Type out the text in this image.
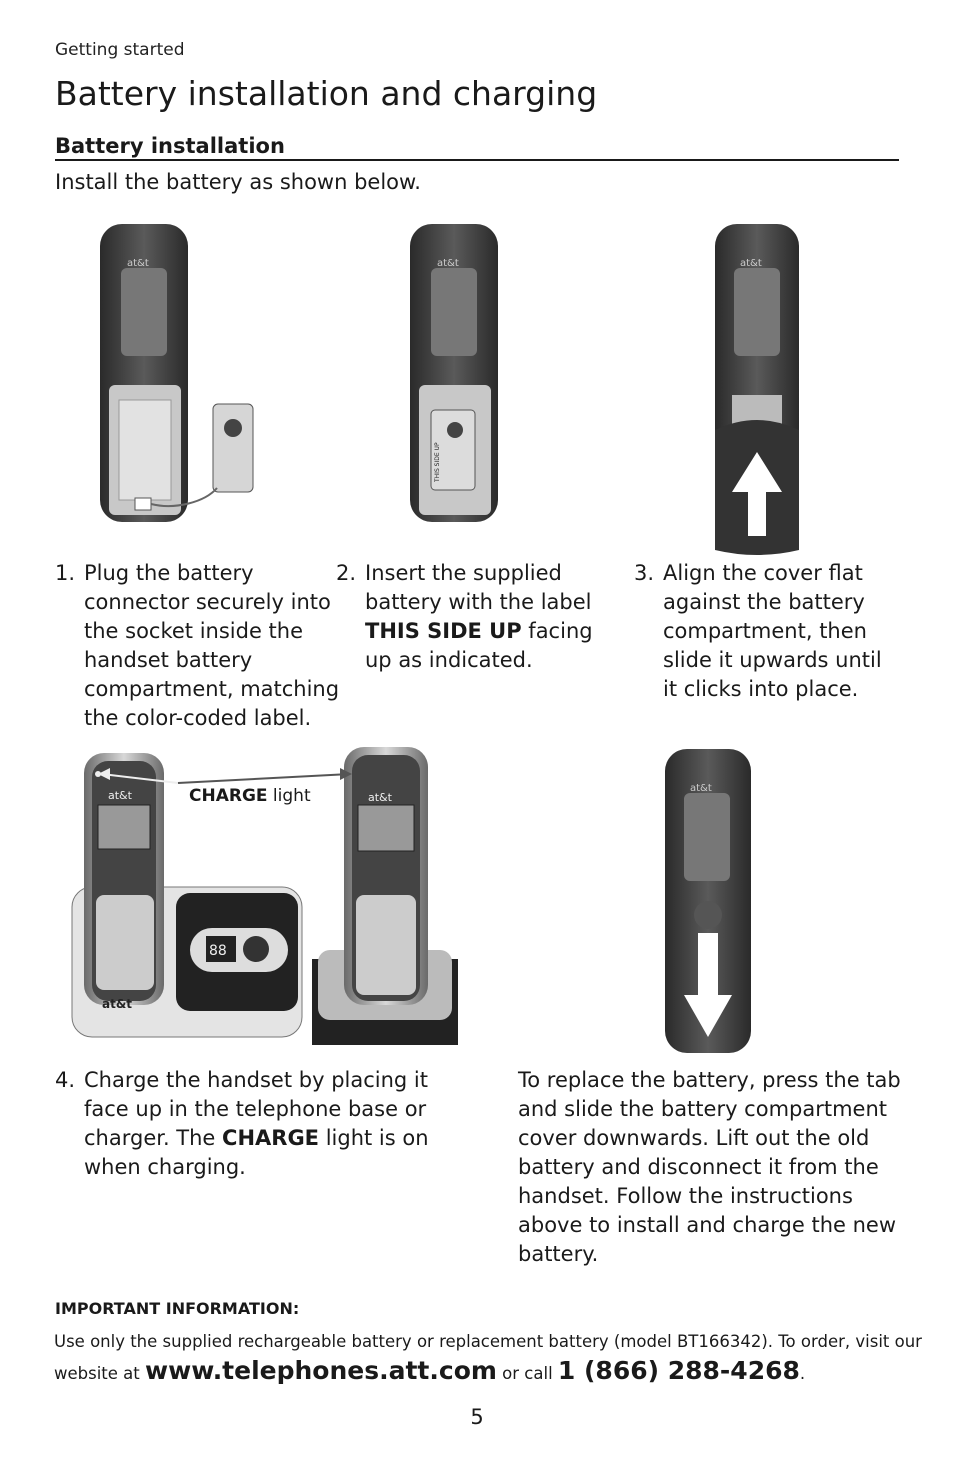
Getting started
Battery installation and charging
Battery installation
Install the battery as shown below.
at&t	at&t
THIS SIDE UP
at&t
1. Plug the battery connector securely into the socket inside the handset battery compartment, matching the color-coded label.
2. Insert the supplied battery with the label THIS SIDE UP facing up as indicated.
3. Align the cover flat against the battery compartment, then slide it upwards until it clicks into place.
88
at&t
at&t
at&t	CHARGE light	at&t
4. Charge the handset by placing it face up in the telephone base or charger. The CHARGE light is on when charging.
To replace the battery, press the tab and slide the battery compartment cover downwards. Lift out the old battery and disconnect it from the handset. Follow the instructions above to install and charge the new battery.
IMPORTANT INFORMATION:
Use only the supplied rechargeable battery or replacement battery (model BT166342). To order, visit our website at www.telephones.att.com or call 1 (866) 288-4268.
5
